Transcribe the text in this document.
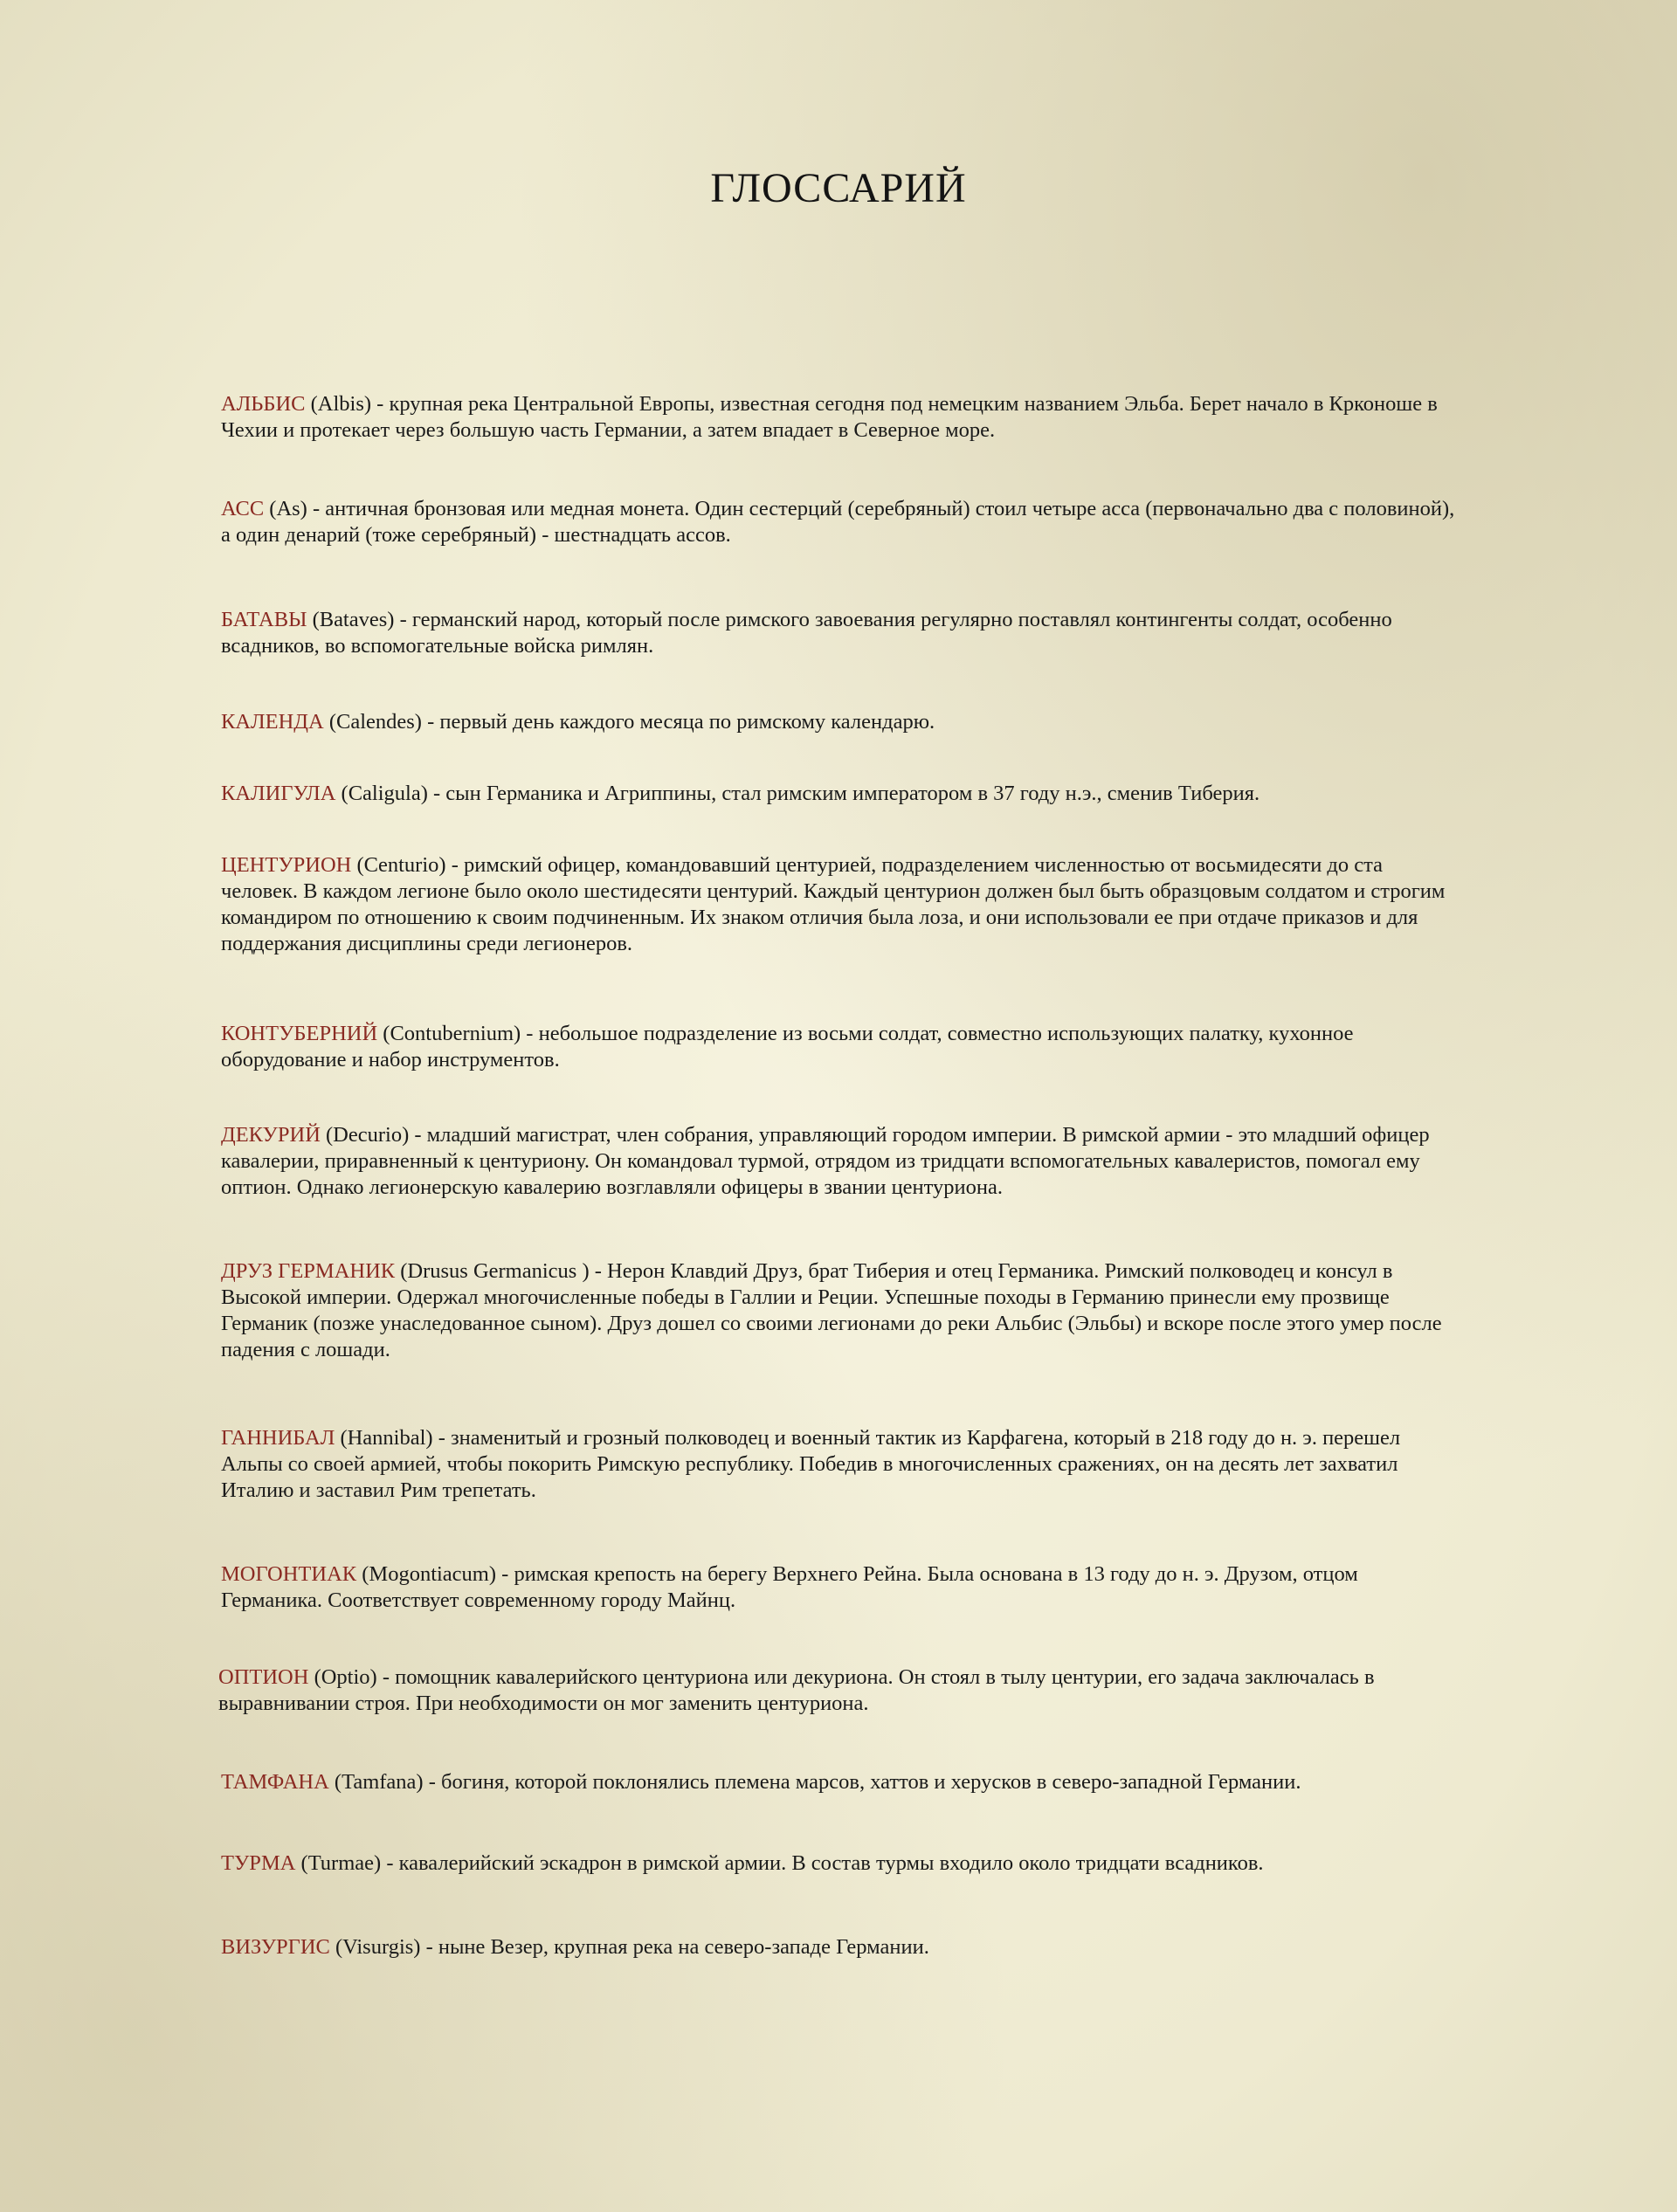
ГЛОССАРИЙ

АЛЬБИС (Albis) - крупная река Центральной Европы, известная сегодня под немецким названием Эльба. Берет начало в Крконоше в Чехии и протекает через большую часть Германии, а затем впадает в Северное море.

АСС (As) - античная бронзовая или медная монета. Один сестерций (серебряный) стоил четыре асса (первоначально два с половиной), а один денарий (тоже серебряный) - шестнадцать ассов.

БАТАВЫ (Bataves) - германский народ, который после римского завоевания регулярно поставлял контингенты солдат, особенно всадников, во вспомогательные войска римлян.

КАЛЕНДА (Calendes) - первый день каждого месяца по римскому календарю.

КАЛИГУЛА (Caligula) - сын Германика и Агриппины, стал римским императором в 37 году н.э., сменив Тиберия.

ЦЕНТУРИОН (Centurio) - римский офицер, командовавший центурией, подразделением численностью от восьмидесяти до ста человек. В каждом легионе было около шестидесяти центурий. Каждый центурион должен был быть образцовым солдатом и строгим командиром по отношению к своим подчиненным. Их знаком отличия была лоза, и они использовали ее при отдаче приказов и для поддержания дисциплины среди легионеров.

КОНТУБЕРНИЙ (Contubernium) - небольшое подразделение из восьми солдат, совместно использующих палатку, кухонное оборудование и набор инструментов.

ДЕКУРИЙ (Decurio) - младший магистрат, член собрания, управляющий городом империи. В римской армии - это младший офицер кавалерии, приравненный к центуриону. Он командовал турмой, отрядом из тридцати вспомогательных кавалеристов, помогал ему оптион. Однако легионерскую кавалерию возглавляли офицеры в звании центуриона.

ДРУЗ ГЕРМАНИК (Drusus Germanicus ) - Нерон Клавдий Друз, брат Тиберия и отец Германика. Римский полководец и консул в Высокой империи. Одержал многочисленные победы в Галлии и Реции. Успешные походы в Германию принесли ему прозвище Германик (позже унаследованное сыном). Друз дошел со своими легионами до реки Альбис (Эльбы) и вскоре после этого умер после падения с лошади.

ГАННИБАЛ (Hannibal) - знаменитый и грозный полководец и военный тактик из Карфагена, который в 218 году до н. э. перешел Альпы со своей армией, чтобы покорить Римскую республику. Победив в многочисленных сражениях, он на десять лет захватил Италию и заставил Рим трепетать.

МОГОНТИАК (Mogontiacum) - римская крепость на берегу Верхнего Рейна. Была основана в 13 году до н. э. Друзом, отцом Германика. Соответствует современному городу Майнц.

ОПТИОН (Optio) - помощник кавалерийского центуриона или декуриона. Он стоял в тылу центурии, его задача заключалась в выравнивании строя. При необходимости он мог заменить центуриона.

ТАМФАНА (Tamfana) - богиня, которой поклонялись племена марсов, хаттов и херусков в северо-западной Германии.

ТУРМА (Turmae) - кавалерийский эскадрон в римской армии. В состав турмы входило около тридцати всадников.

ВИЗУРГИС (Visurgis) - ныне Везер, крупная река на северо-западе Германии.
